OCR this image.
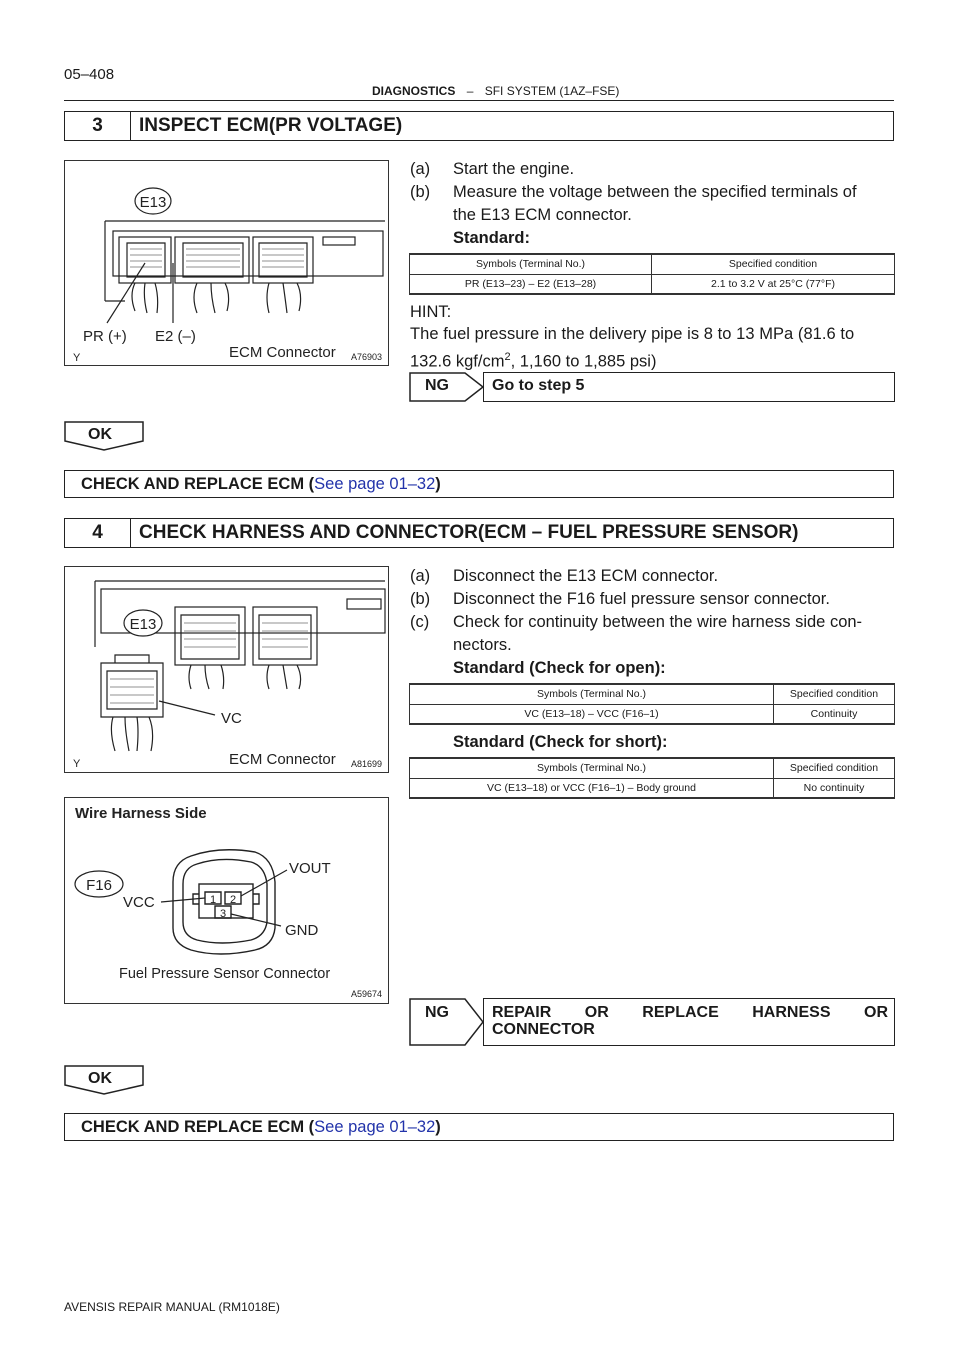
05–408
DIAGNOSTICS – SFI SYSTEM (1AZ–FSE)
3	INSPECT ECM(PR VOLTAGE)
E13
PR (+) E2 (–)
Y	ECM Connector A76903
(a) Start the engine.
(b) Measure the voltage between the specified terminals of
the E13 ECM connector.
Standard:
Symbols (Terminal No.)	Specified condition
PR (E13–23) – E2 (E13–28)	2.1 to 3.2 V at 25°C (77°F)
HINT:
The fuel pressure in the delivery pipe is 8 to 13 MPa (81.6 to
132.6 kgf/$cm^2$, 1,160 to 1,885 psi)
NG	Go to step 5
OK
CHECK AND REPLACE ECM ( See page 01–32 )
4	CHECK HARNESS AND CONNECTOR(ECM – FUEL PRESSURE SENSOR)
E13
VC
Y	ECM Connector A81699
Wire Harness Side
F16
1 2
3
VOUT
VCC
GND
Fuel Pressure Sensor Connector
A59674
(a) Disconnect the E13 ECM connector.
(b) Disconnect the F16 fuel pressure sensor connector.
(c) Check for continuity between the wire harness side con-
nectors.
Standard (Check for open):
Symbols (Terminal No.)	Specified condition
VC (E13–18) – VCC (F16–1)	Continuity
Standard (Check for short):
Symbols (Terminal No.)	Specified condition
VC (E13–18) or VCC (F16–1) – Body ground	No continuity
NG	REPAIR OR REPLACE HARNESS OR
CONNECTOR
OK
CHECK AND REPLACE ECM ( See page 01–32 )
AVENSIS REPAIR MANUAL (RM1018E)
